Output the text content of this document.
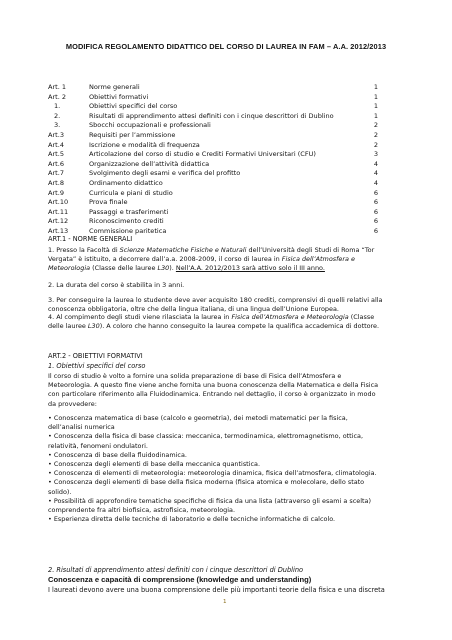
MODIFICA REGOLAMENTO DIDATTICO DEL CORSO DI LAUREA IN FAM – A.A. 2012/2013
Art. 1	Norme generali	1
Art. 2	Obiettivi formativi	1
1.	Obiettivi specifici del corso	1
2.	Risultati di apprendimento attesi definiti con i cinque descrittori di Dublino	1
3.	Sbocchi occupazionali e professionali	2
Art.3	Requisiti per l’ammissione	2
Art.4	Iscrizione e modalità di frequenza	2
Art.5	Articolazione del corso di studio e Crediti Formativi Universitari (CFU)	3
Art.6	Organizzazione dell’attività didattica	4
Art.7	Svolgimento degli esami e verifica del profitto	4
Art.8	Ordinamento didattico	4
Art.9	Curricula e piani di studio	6
Art.10	Prova finale	6
Art.11	Passaggi e trasferimenti	6
Art.12	Riconoscimento crediti	6
Art.13	Commissione paritetica	6
ART.1 - NORME GENERALI

1. Presso la Facoltà di Scienze Matematiche Fisiche e Naturali dell’Università degli Studi di Roma “Tor Vergata” è istituito, a decorrere dall’a.a. 2008-2009, il corso di laurea in Fisica dell’Atmosfera e Meteorologia (Classe delle lauree L30). Nell’A.A. 2012/2013 sarà attivo solo il III anno.

2. La durata del corso è stabilita in 3 anni.

3. Per conseguire la laurea lo studente deve aver acquisito 180 crediti, comprensivi di quelli relativi alla conoscenza obbligatoria, oltre che della lingua italiana, di una lingua dell’Unione Europea.

4. Al compimento degli studi viene rilasciata la laurea in Fisica dell’Atmosfera e Meteorologia (Classe delle lauree L30). A coloro che hanno conseguito la laurea compete la qualifica accademica di dottore.

ART.2 - OBIETTIVI FORMATIVI
1. Obiettivi specifici del corso

Il corso di studio è volto a fornire una solida preparazione di base di Fisica dell’Atmosfera e Meteorologia. A questo fine viene anche fornita una buona conoscenza della Matematica e della Fisica con particolare riferimento alla Fluidodinamica. Entrando nel dettaglio, il corso è organizzato in modo da provvedere:

• Conoscenza matematica di base (calcolo e geometria), dei metodi matematici per la fisica, dell’analisi numerica

• Conoscenza della fisica di base classica: meccanica, termodinamica, elettromagnetismo, ottica, relatività, fenomeni ondulatori.

• Conoscenza di base della fluidodinamica.

• Conoscenza degli elementi di base della meccanica quantistica.

• Conoscenza di elementi di meteorologia: meteorologia dinamica, fisica dell’atmosfera, climatologia.

• Conoscenza degli elementi di base della fisica moderna (fisica atomica e molecolare, dello stato solido).

• Possibilità di approfondire tematiche specifiche di fisica da una lista (attraverso gli esami a scelta) comprendente fra altri biofisica, astrofisica, meteorologia.

• Esperienza diretta delle tecniche di laboratorio e delle tecniche informatiche di calcolo.

2. Risultati di apprendimento attesi definiti con i cinque descrittori di Dublino
Conoscenza e capacità di comprensione (knowledge and understanding)
I laureati devono avere una buona comprensione delle più importanti teorie della fisica e una discreta
1
